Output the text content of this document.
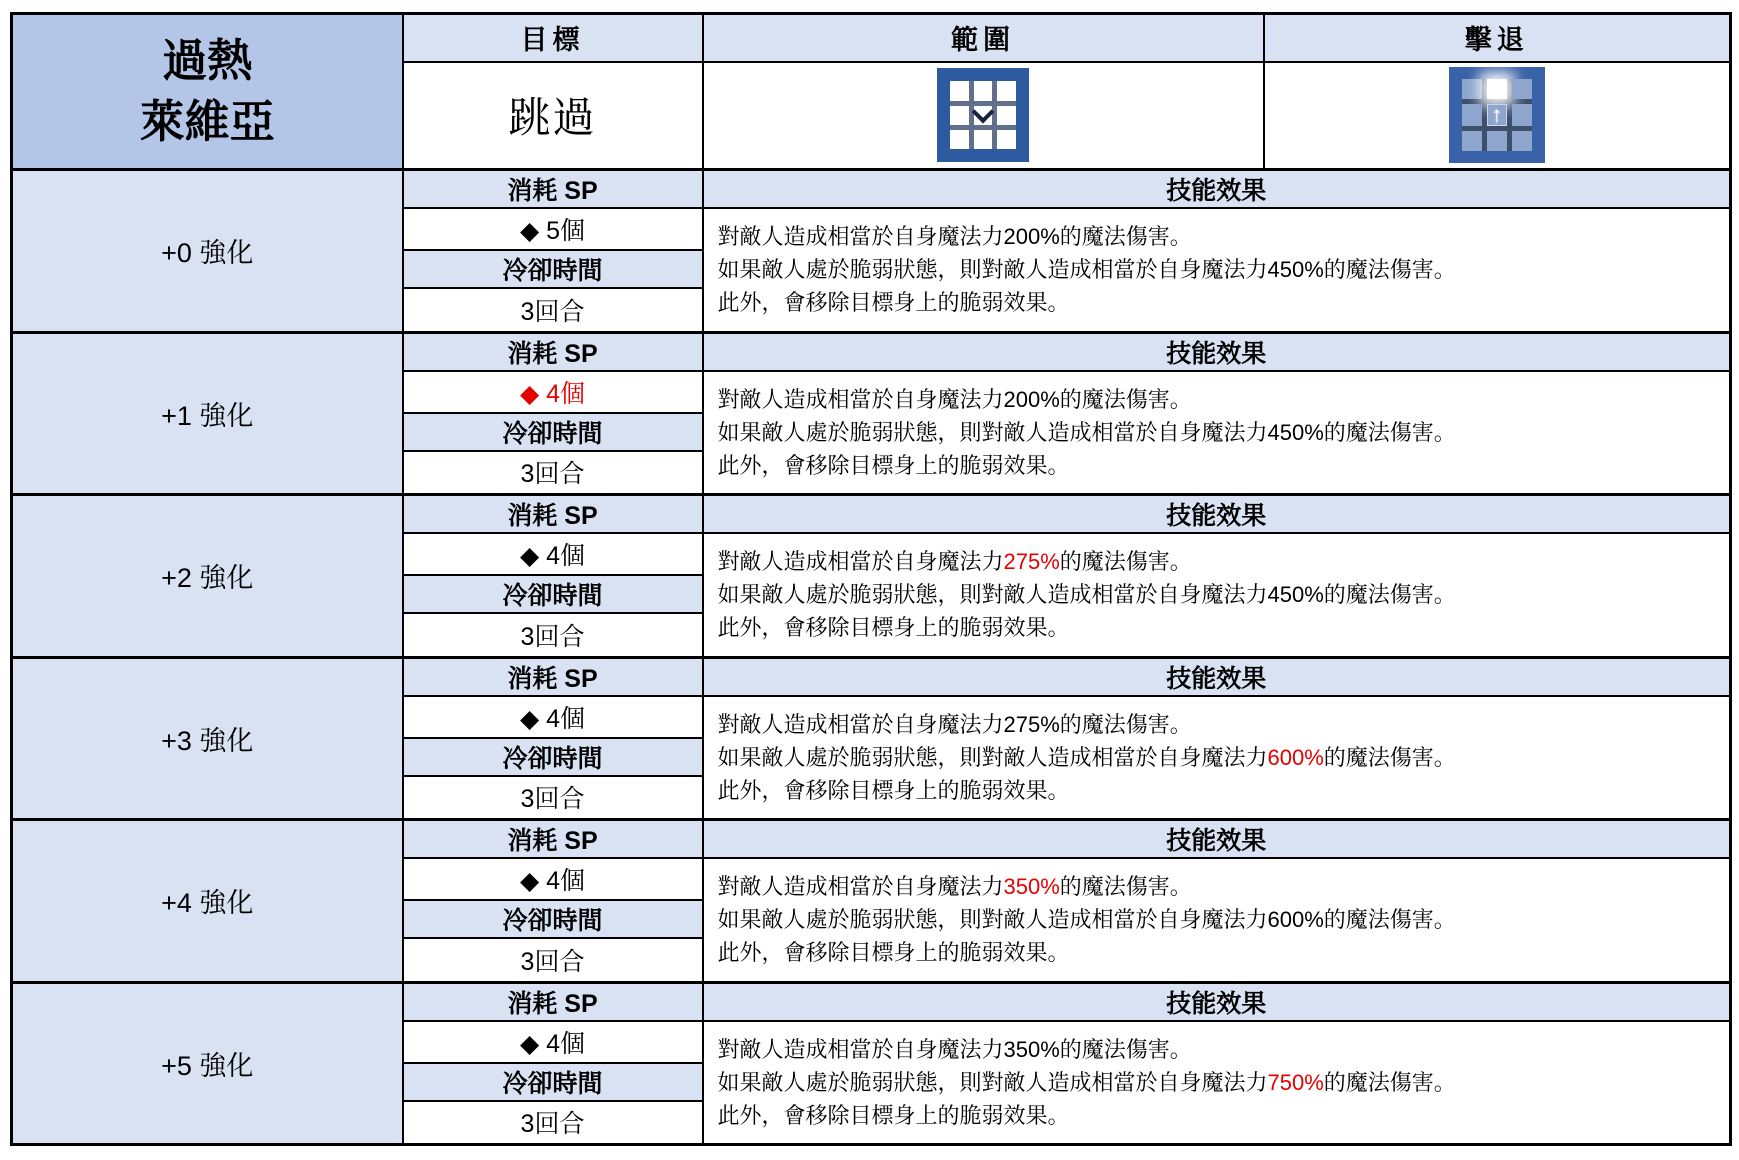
過熱
萊維亞	目標	範圍	擊退
	跳過		↑

+0 強化	消耗 SP	技能效果	
	◆ 5個	對敵人造成相當於自身魔法力200%的魔法傷害。
如果敵人處於脆弱狀態，則對敵人造成相當於自身魔法力450%的魔法傷害。
此外，會移除目標身上的脆弱效果。	

	冷卻時間		
	3回合		
+1 強化	消耗 SP	技能效果	
	◆ 4個	對敵人造成相當於自身魔法力200%的魔法傷害。
如果敵人處於脆弱狀態，則對敵人造成相當於自身魔法力450%的魔法傷害。
此外，會移除目標身上的脆弱效果。	

	冷卻時間		
	3回合		
+2 強化	消耗 SP	技能效果	
	◆ 4個	對敵人造成相當於自身魔法力275%的魔法傷害。
如果敵人處於脆弱狀態，則對敵人造成相當於自身魔法力450%的魔法傷害。
此外，會移除目標身上的脆弱效果。	

	冷卻時間		
	3回合		
+3 強化	消耗 SP	技能效果	
	◆ 4個	對敵人造成相當於自身魔法力275%的魔法傷害。
如果敵人處於脆弱狀態，則對敵人造成相當於自身魔法力600%的魔法傷害。
此外，會移除目標身上的脆弱效果。	

	冷卻時間		
	3回合		
+4 強化	消耗 SP	技能效果	
	◆ 4個	對敵人造成相當於自身魔法力350%的魔法傷害。
如果敵人處於脆弱狀態，則對敵人造成相當於自身魔法力600%的魔法傷害。
此外，會移除目標身上的脆弱效果。	

	冷卻時間		
	3回合		
+5 強化	消耗 SP	技能效果	
	◆ 4個	對敵人造成相當於自身魔法力350%的魔法傷害。
如果敵人處於脆弱狀態，則對敵人造成相當於自身魔法力750%的魔法傷害。
此外，會移除目標身上的脆弱效果。	

	冷卻時間		
	3回合		
